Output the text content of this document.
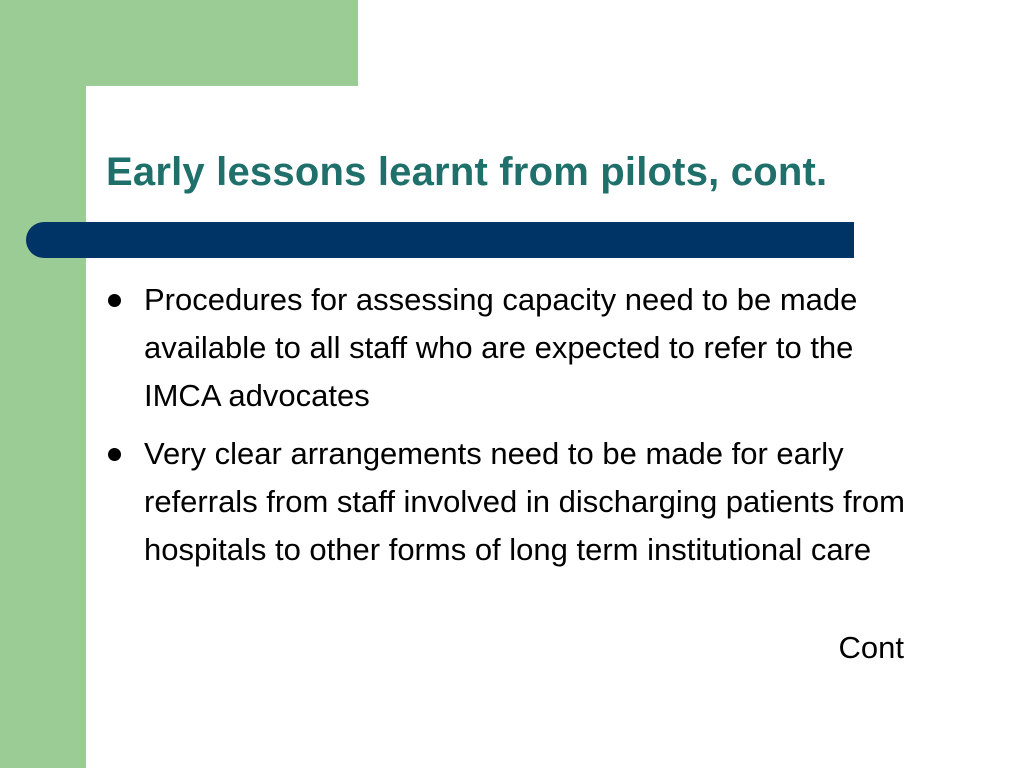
Early lessons learnt from pilots, cont.
Procedures for assessing capacity need to be made available to all staff who are expected to refer to the IMCA advocates
Very clear arrangements need to be made for early referrals from staff involved in discharging patients from hospitals to other forms of long term institutional care
Cont
